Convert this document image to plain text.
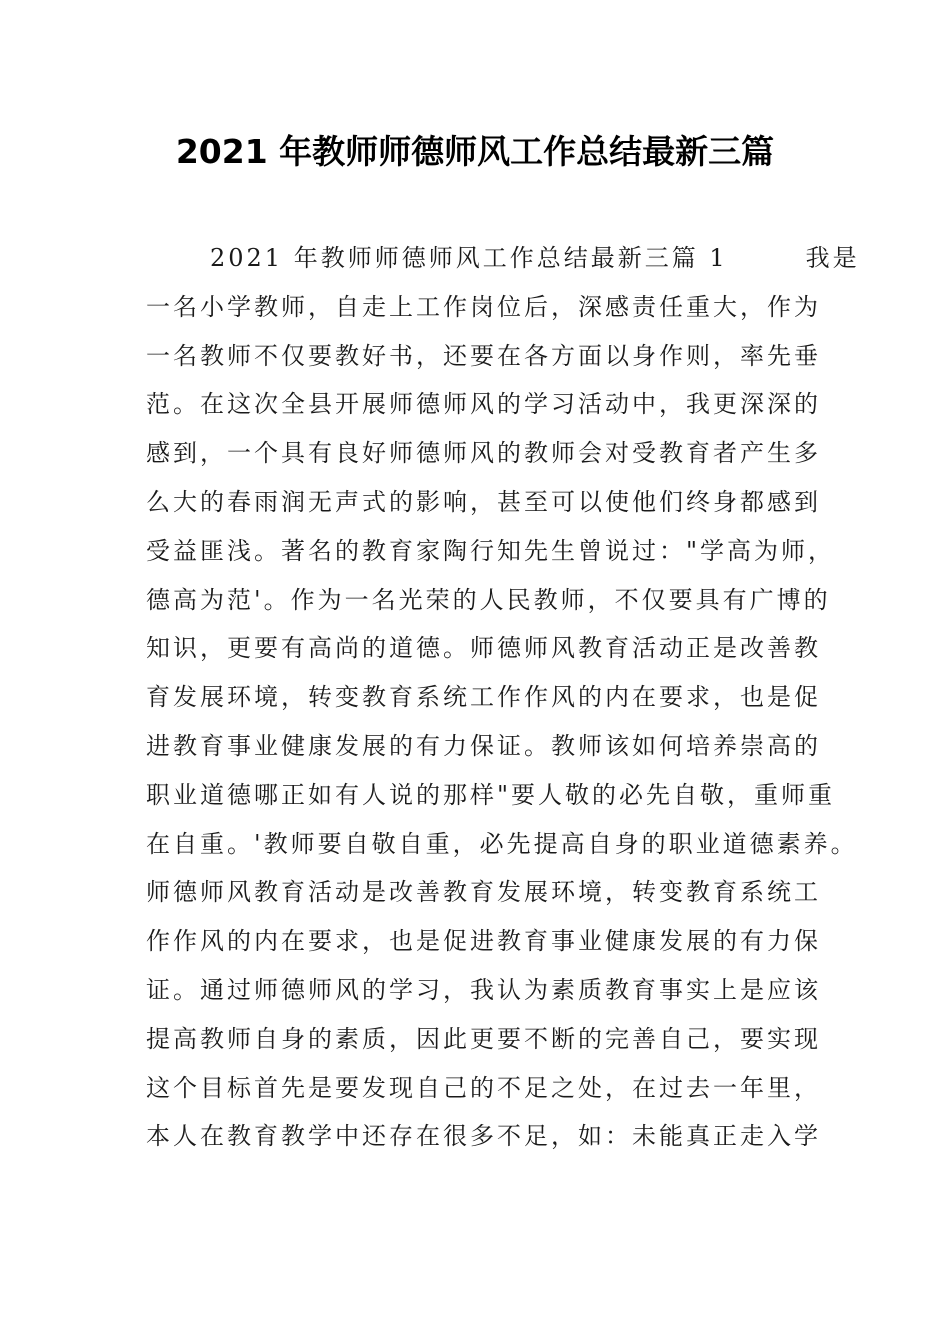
2021 年教师师德师风工作总结最新三篇
2021 年教师师德师风工作总结最新三篇 1	我是
一名小学教师，自走上工作岗位后，深感责任重大，作为
一名教师不仅要教好书，还要在各方面以身作则，率先垂
范。在这次全县开展师德师风的学习活动中，我更深深的
感到，一个具有良好师德师风的教师会对受教育者产生多
么大的春雨润无声式的影响，甚至可以使他们终身都感到
受益匪浅。著名的教育家陶行知先生曾说过："学高为师，
德高为范'。作为一名光荣的人民教师，不仅要具有广博的
知识，更要有高尚的道德。师德师风教育活动正是改善教
育发展环境，转变教育系统工作作风的内在要求，也是促
进教育事业健康发展的有力保证。教师该如何培养崇高的
职业道德哪正如有人说的那样"要人敬的必先自敬，重师重
在自重。'教师要自敬自重，必先提高自身的职业道德素养。
师德师风教育活动是改善教育发展环境，转变教育系统工
作作风的内在要求，也是促进教育事业健康发展的有力保
证。通过师德师风的学习，我认为素质教育事实上是应该
提高教师自身的素质，因此更要不断的完善自己，要实现
这个目标首先是要发现自己的不足之处，在过去一年里，
本人在教育教学中还存在很多不足，如：未能真正走入学
